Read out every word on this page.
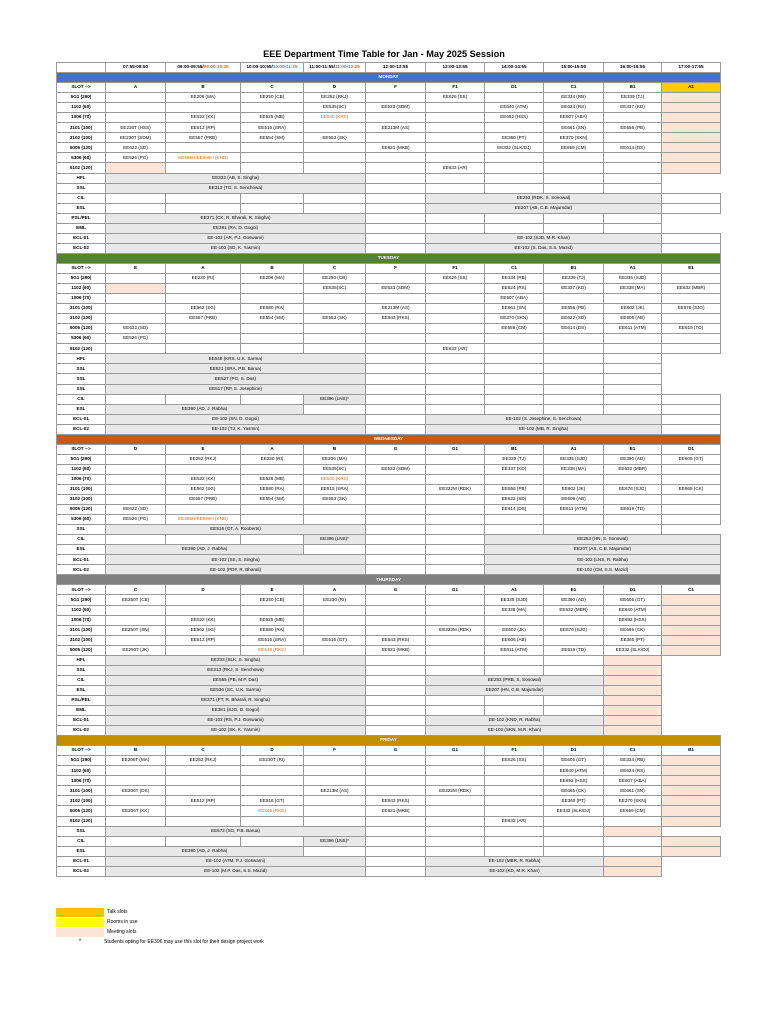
EEE Department Time Table for Jan - May 2025 Session
	07:55-08:50	09:00-09:55/09:00-10:25	10:00-10:55/10:00-11:25	11:00-11:55/11:00-12:25	12:00-12:55	13:00-13:55	14:00-14:55	15:00-15:55	16:00-16:55	17:00-17:55
MONDAY										
SLOT -->	A	B	C	D	F	F1	D1	C1	B1	A1
5G1 (290)		EE206 (MA)	EE250 (CB)	EE252 (RKJ)		EE626 (SS)		EE334 (RB)	EE339 (TJ)	
1102 (60)				EE535(SC)	EE533 (SDM)		EE640 (ATM)	EE624 (RS)	EE337 (KD)	
1006 (70)		EE522 (KK)	EE525 (MB)	EE540 (KRS)			EE692 (HSS)	EE607 (ABA)		
3101 (100)	EE230T (HSS)	EE512 (RP)	EE515 (SRA)		EE213M (AS)			EE661 (SN)	EE656 (PB)	
3102 (100)	EE230T (SDM)	EE557 (PRB)	EE554 (SM)	EE553 (SK)			EE360 (PT)	EE370 (SKN)		
5005 (120)	EE622 (SD)				EE621 (MKB)		EE332 (SLK/DJ)	EE659 (CM)	EE614 (DS)	
5306 (60)	EE526 (PG)	EE595H/EE596H (KND)								
5102 (120)						EE633 (AR)				
HFL	EE333 (AB, S. Singha)									
SSL	EE313 (TD, S. Senchowa)									
CIL						EE253 (RDK, S. Sonowal)				
ESL						EE207 (AB, C.B. Majumdar)				
PSL/PEL	EE371 (CK, R. Bharali, R. Singha)									
EML	EE381 (RA, D. Gogoi)									
ECL-01	EE-102 (AR, P.J. Goswami)					EE-102 (SJD, M.R. Khan)				
ECL-02	EE-102 (SD, K. Yasmin)					EE-102 (S. Das, S.S. Mazid)				
TUESDAY										
SLOT -->	E	A	B	C	F	F1	C1	B1	A1	E1
5G1 (290)		EE230 (RI)	EE206 (MA)	EE250 (CB)		EE626 (SS)	EE334 (RB)	EE339 (TJ)	EE335 (SJD)	
1102 (60)				EE535(SC)	EE533 (SDM)		EE624 (RS)	EE337 (KD)	EE338 (MA)	EE632 (MBR)
1006 (70)							EE607 (ABA)			
3101 (100)		EE562 (SG)	EE580 (RA)		EE213M (AS)		EE661 (SN)	EE656 (PB)	EE602 (JK)	EE676 (SJG)
3102 (100)		EE557 (PRB)	EE554 (SM)	EE553 (SK)	EE643 (RKS)		EE370 (SKN)	EE622 (SD)	EE606 (AB)	
5005 (120)	EE622 (SD)						EE659 (CM)	EE614 (DS)	EE611 (ATM)	EE619 (TD)
5306 (60)	EE526 (PG)									
5102 (120)						EE633 (AR)				
HFL	EE548 (KRS, U.K. Sarma)									
SSL	EE521 (SRA, P.B. Barua)									
SSL	EE527 (PG, S. Das)									
SSL	EE517 (RP, S. Josephine)									
CIL				EE396 (LNS)*						
ESL	EE390 (AD, J. Rabha)									
ECL-01	EE-102 (SN, D. Gogoi)					EE-102 (S. Josephine, S. Senchowa)				
ECL-02	EE-102 (TJ, K. Yasmin)					EE-102 (MB, R. Singha)				
WEDNESDAY										
SLOT -->	D	E	A	B	G	G1	B1	A1	E1	D1
5G1 (290)		EE252 (RKJ)	EE230 (RI)	EE206 (MA)			EE339 (TJ)	EE335 (SJD)	EE390 (AD)	EE605 (GT)
1102 (60)				EE535(SC)	EE533 (SDM)		EE337 (KD)	EE338 (MA)	EE632 (MBR)	
1006 (70)		EE522 (KK)	EE525 (MB)	EE540 (KRS)						
3101 (100)		EE562 (SG)	EE580 (RA)	EE515 (SRA)		EE322M (RDK)	EE656 (PB)	EE602 (JK)	EE676 (SJG)	EE665 (CK)
3102 (100)		EE557 (PRB)	EE554 (SM)	EE553 (SK)			EE622 (SD)	EE606 (AB)		
5005 (120)	EE622 (SD)						EE614 (DS)	EE611 (ATM)	EE619 (TD)	
5306 (60)	EE526 (PG)	EE595H/EE596H (KND)								
SSL	EE516 (GT, A. Rooberts)									
CIL				EE396 (LNS)*			EE253 (HN, S. Sonowal)			
ESL	EE390 (AD, J. Rabha)						EE207 (AS, C.B. Majumdar)			
ECL-01	EE-102 (SS, S. Singha)						EE-102 (LNS, R. Rabha)			
ECL-02	EE-102 (PDF, R. Bharali)						EE-102 (CM, S.S. Mazid)			
THURSDAY										
SLOT -->	C	D	E	A	G	G1	A1	E1	D1	C1
5G1 (290)	EE250T (CB)		EE250 (CB)	EE230 (RI)			EE335 (SJD)	EE390 (AD)	EE605 (GT)	
1102 (60)							EE338 (MA)	EE632 (MBR)	EE640 (ATM)	
1006 (70)		EE522 (KK)	EE525 (MB)						EE692 (HSS)	
3101 (100)	EE250T (SN)	EE562 (SG)	EE580 (RA)			EE322M (RDK)	EE602 (JK)	EE676 (SJG)	EE665 (CK)	
3102 (100)		EE512 (RP)	EE515 (SRA)	EE516 (GT)	EE643 (RKS)		EE606 (AB)		EE360 (PT)	
5005 (120)	EE250T (JK)		EE549 (RKS)		EE621 (MKB)		EE611 (ATM)	EE619 (TD)	EE332 (SLK/DJ)	
HFL	EE333 (SLK, S. Singha)									
SSL	EE313 (RKJ, S. Senchowa)									
CIL	EE555 (PB, M.P. Das)					EE253 (PRB, S. Sonowal)				
ESL	EE536 (SC, U.K. Sarma)					EE207 (HN, C.B. Majumdar)				
PSL/PEL	EE371 (PT, R. Bharali, R. Singha)									
EML	EE381 (SJG, D. Gogoi)									
ECL-01	EE-102 (RS, P.J. Goswami)					EE-102 (KND, R. Rabha)				
ECL-02	EE-102 (SK, K. Yasmin)					EE-102 (SKN, M.R. Khan)				
FRIDAY										
SLOT -->	B	C	D	F	G	G1	F1	D1	C1	B1
5G1 (290)	EE206T (MA)	EE252 (RKJ)	EE230T (RI)				EE626 (SS)	EE605 (GT)	EE334 (RB)	
1102 (60)								EE640 (ATM)	EE624 (RS)	
1006 (70)								EE692 (HSS)	EE607 (ABA)	
3101 (100)	EE206T (DS)			EE213M (AS)		EE322M (RDK)		EE665 (CK)	EE661 (SN)	
3102 (100)		EE512 (RP)	EE516 (GT)		EE643 (RKS)			EE360 (PT)	EE370 (SKN)	
5005 (120)	EE206T (KK)		EE549 (RKS)		EE621 (MKB)			EE332 (SLK/DJ)	EE659 (CM)	
5102 (120)							EE633 (AR)			
SSL	EE572 (SG, P.B. Barua)									
CIL				EE396 (LNS)*						
ESL	EE390 (AD, J. Rabha)									
ECL-01	EE-102 (ATM, P.J. Goswami)					EE-102 (MBR, R. Rabha)				
ECL-02	EE-102 (M.P. Das, S.S. Mazid)					EE-102 (KD, M.R. Khan)				
Talk slots
Rooms in use
Meeting slots
*	Students opting for EE396 may use this slot for their design project work
